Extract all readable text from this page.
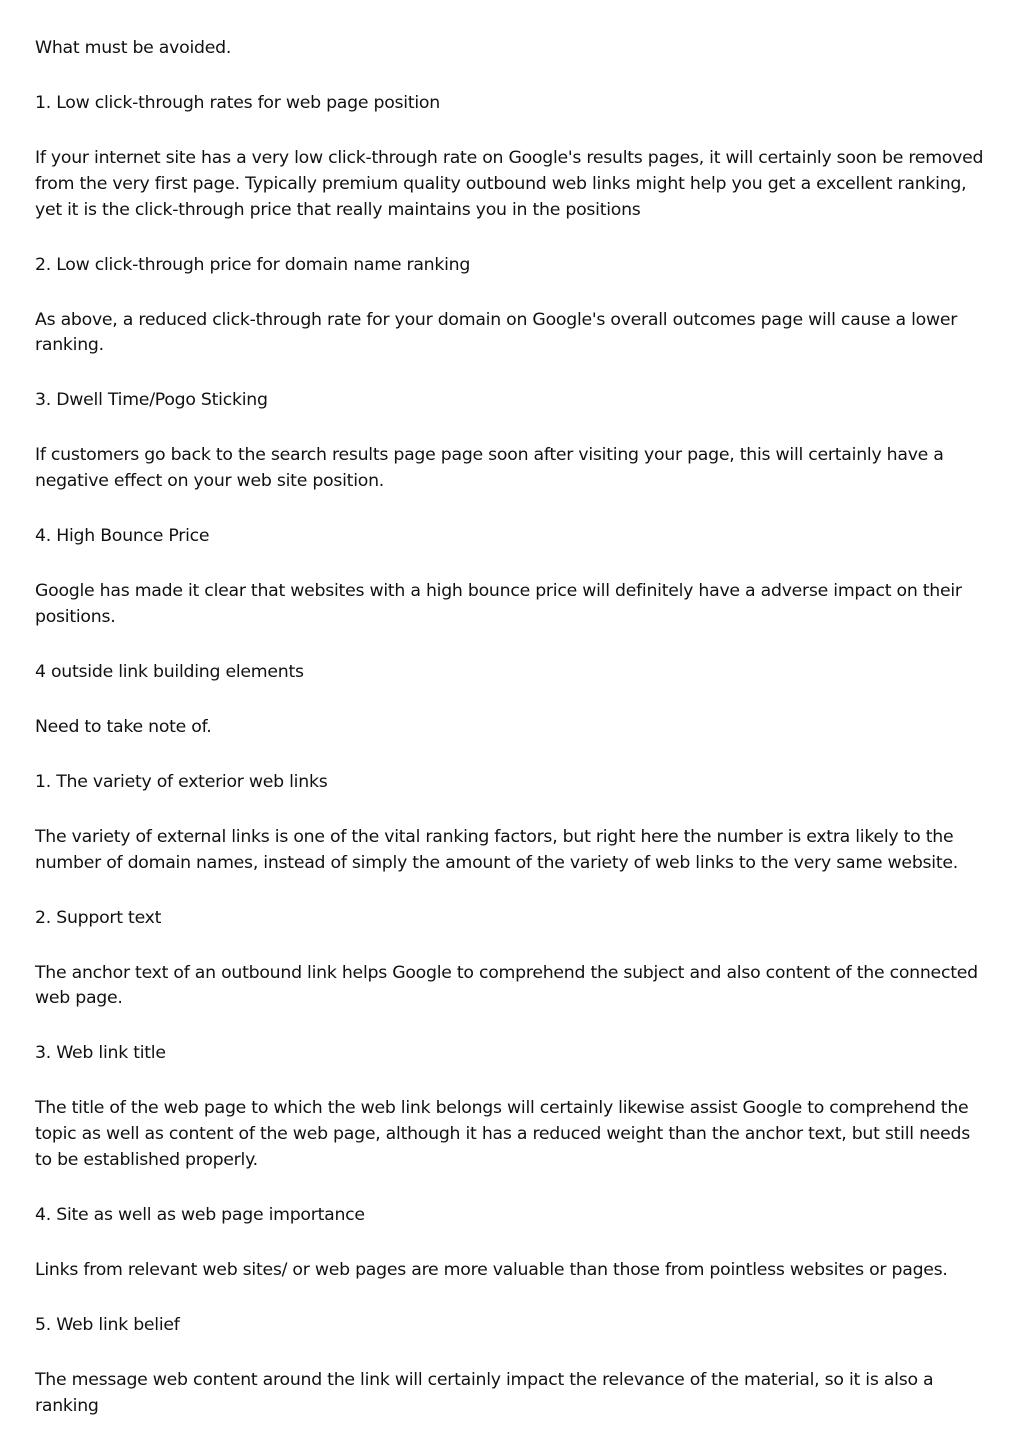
What must be avoided.

1. Low click-through rates for web page position

If your internet site has a very low click-through rate on Google's results pages, it will certainly soon be removed from the very first page. Typically premium quality outbound web links might help you get a excellent ranking, yet it is the click-through price that really maintains you in the positions

2. Low click-through price for domain name ranking

As above, a reduced click-through rate for your domain on Google's overall outcomes page will cause a lower ranking.

3. Dwell Time/Pogo Sticking

If customers go back to the search results page page soon after visiting your page, this will certainly have a negative effect on your web site position.

4. High Bounce Price

Google has made it clear that websites with a high bounce price will definitely have a adverse impact on their positions.

4 outside link building elements

Need to take note of.

1. The variety of exterior web links

The variety of external links is one of the vital ranking factors, but right here the number is extra likely to the number of domain names, instead of simply the amount of the variety of web links to the very same website.

2. Support text

The anchor text of an outbound link helps Google to comprehend the subject and also content of the connected web page.

3. Web link title

The title of the web page to which the web link belongs will certainly likewise assist Google to comprehend the topic as well as content of the web page, although it has a reduced weight than the anchor text, but still needs to be established properly.

4. Site as well as web page importance

Links from relevant web sites/ or web pages are more valuable than those from pointless websites or pages.

5. Web link belief

The message web content around the link will certainly impact the relevance of the material, so it is also a ranking
